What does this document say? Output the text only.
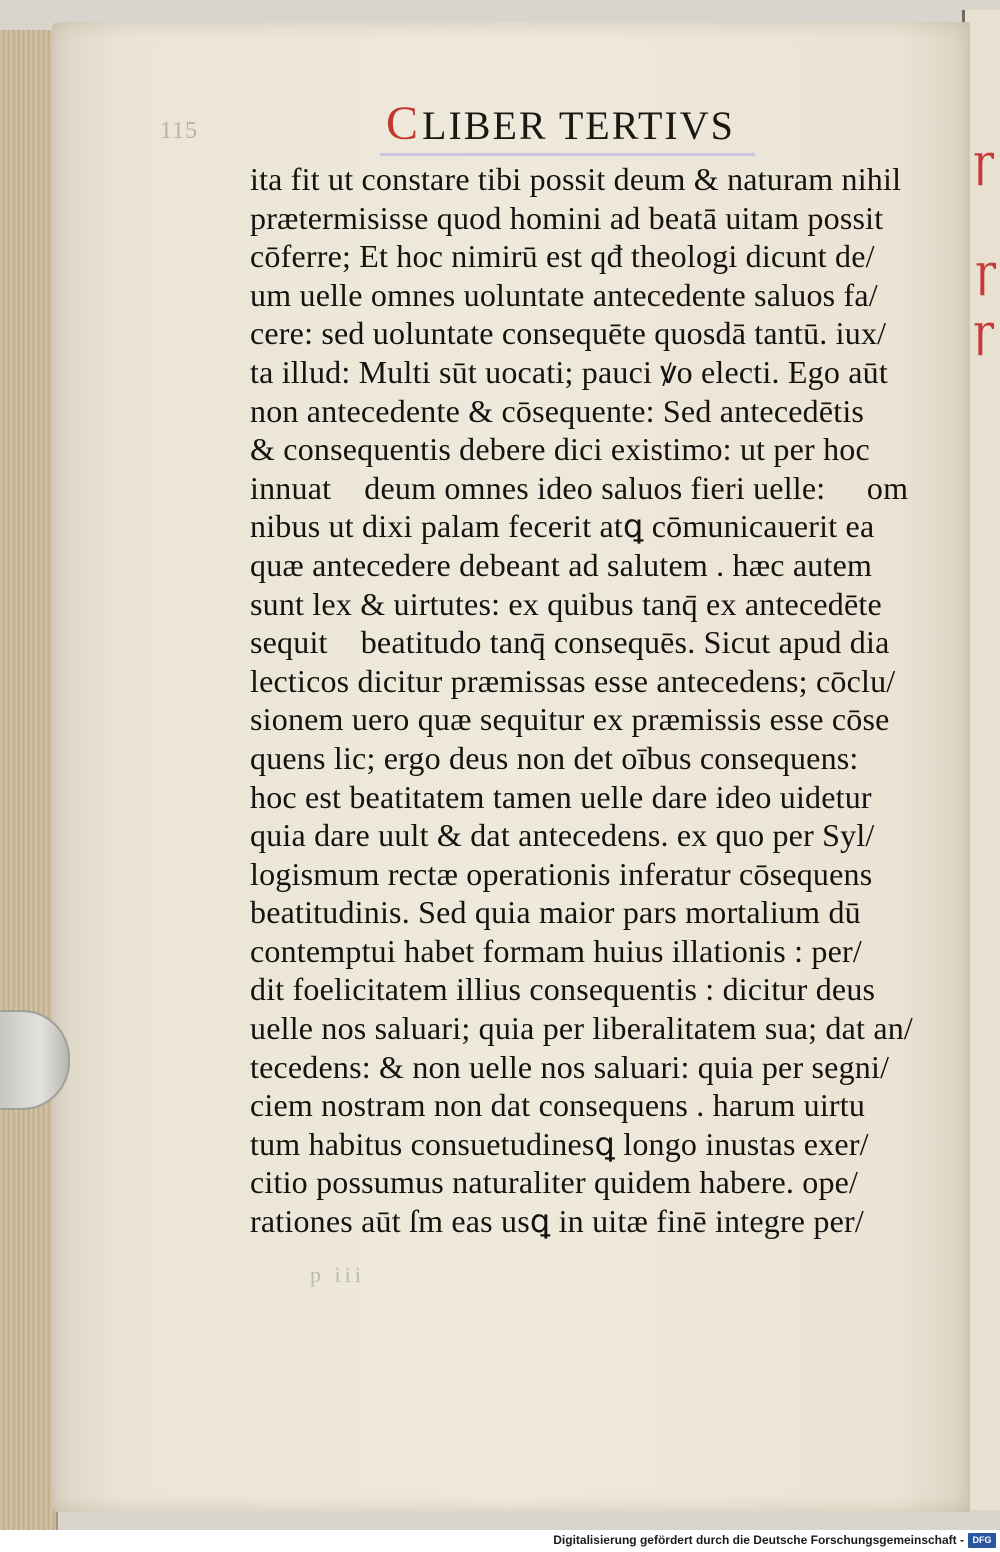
ꞅ
ꞅ
ꞅ
115	CLIBER TERTIVS
ita fit ut constare tibi possit deum & naturam nihil
prætermisisse quod homini ad beatā uitam possit
cōferre; Et hoc nimirū est qđ theologi dicunt de/
um uelle omnes uoluntate antecedente saluos fa/
cere: sed uoluntate consequēte quosdā tantū. iux/
ta illud: Multi sūt uocati; pauci ꝟo electi. Ego aūt
non antecedente & cōsequente: Sed antecedētis
& consequentis debere dici existimo: ut per hoc
innuatᷓ deum omnes ideo saluos fieri uelle: ꝙ om
nibus ut dixi palam fecerit atꝗ cōmunicauerit ea
quæ antecedere debeant ad salutem . hæc autem
sunt lex & uirtutes: ex quibus tanq̄ ex antecedēte
sequitᷓ beatitudo tanq̄ consequēs. Sicut apud dia
lecticos dicitur præmissas esse antecedens; cōclu/
sionem uero quæ sequitur ex præmissis esse cōse
quens lic; ergo deus non det oībus consequens:
hoc est beatitatem tamen uelle dare ideo uidetur
quia dare uult & dat antecedens. ex quo per Syl/
logismum rectæ operationis inferatur cōsequens
beatitudinis. Sed quia maior pars mortalium dū
contemptui habet formam huius illationis : per/
dit foelicitatem illius consequentis : dicitur deus
uelle nos saluari; quia per liberalitatem sua; dat an/
tecedens: & non uelle nos saluari: quia per segni/
ciem nostram non dat consequens . harum uirtu
tum habitus consuetudinesꝗ longo inustas exer/
citio possumus naturaliter quidem habere. ope/
rationes aūt ſm eas usꝗ in uitæ finē integre per/
p iii
Digitalisierung gefördert durch die Deutsche Forschungsgemeinschaft - DFG
